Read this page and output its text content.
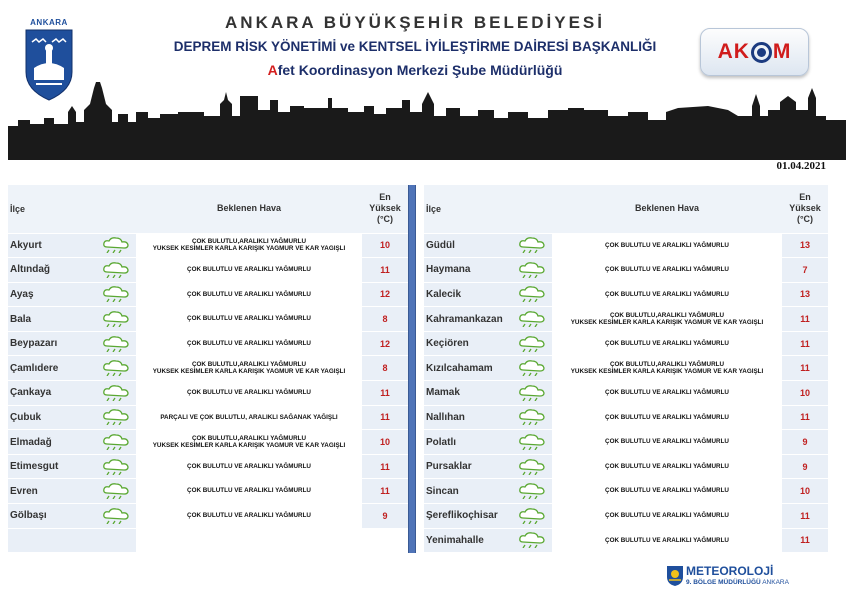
ANKARA	ANKARA BÜYÜKŞEHİR BELEDİYESİ
DEPREM RİSK YÖNETİMİ ve KENTSEL İYİLEŞTİRME DAİRESİ BAŞKANLIĞI
Afet Koordinasyon Merkezi Şube Müdürlüğü
AK M
01.04.2021
İlçe		Beklenen Hava	En
Yüksek
(°C)

Akyurt		ÇOK BULUTLU,ARALIKLI YAĞMURLU
YÜKSEK KESİMLER KARLA KARIŞIK YAĞMUR VE KAR YAĞIŞLI	10
Altındağ		ÇOK BULUTLU VE ARALIKLI YAĞMURLU	11
Ayaş		ÇOK BULUTLU VE ARALIKLI YAĞMURLU	12
Bala		ÇOK BULUTLU VE ARALIKLI YAĞMURLU	8
Beypazarı		ÇOK BULUTLU VE ARALIKLI YAĞMURLU	12
Çamlıdere		ÇOK BULUTLU,ARALIKLI YAĞMURLU
YÜKSEK KESİMLER KARLA KARIŞIK YAĞMUR VE KAR YAĞIŞLI	8
Çankaya		ÇOK BULUTLU VE ARALIKLI YAĞMURLU	11
Çubuk		PARÇALI VE ÇOK BULUTLU, ARALIKLI SAĞANAK YAĞIŞLI	11
Elmadağ		ÇOK BULUTLU,ARALIKLI YAĞMURLU
YÜKSEK KESİMLER KARLA KARIŞIK YAĞMUR VE KAR YAĞIŞLI	10
Etimesgut		ÇOK BULUTLU VE ARALIKLI YAĞMURLU	11
Evren		ÇOK BULUTLU VE ARALIKLI YAĞMURLU	11
Gölbaşı		ÇOK BULUTLU VE ARALIKLI YAĞMURLU	9

İlçe		Beklenen Hava	En
Yüksek
(°C)

Güdül		ÇOK BULUTLU VE ARALIKLI YAĞMURLU	13
Haymana		ÇOK BULUTLU VE ARALIKLI YAĞMURLU	7
Kalecik		ÇOK BULUTLU VE ARALIKLI YAĞMURLU	13
Kahramankazan		ÇOK BULUTLU,ARALIKLI YAĞMURLU
YÜKSEK KESİMLER KARLA KARIŞIK YAĞMUR VE KAR YAĞIŞLI	11
Keçiören		ÇOK BULUTLU VE ARALIKLI YAĞMURLU	11
Kızılcahamam		ÇOK BULUTLU,ARALIKLI YAĞMURLU
YÜKSEK KESİMLER KARLA KARIŞIK YAĞMUR VE KAR YAĞIŞLI	11
Mamak		ÇOK BULUTLU VE ARALIKLI YAĞMURLU	10
Nallıhan		ÇOK BULUTLU VE ARALIKLI YAĞMURLU	11
Polatlı		ÇOK BULUTLU VE ARALIKLI YAĞMURLU	9
Pursaklar		ÇOK BULUTLU VE ARALIKLI YAĞMURLU	9
Sincan		ÇOK BULUTLU VE ARALIKLI YAĞMURLU	10
Şereflikoçhisar		ÇOK BULUTLU VE ARALIKLI YAĞMURLU	11
Yenimahalle		ÇOK BULUTLU VE ARALIKLI YAĞMURLU	11
METEOROLOJİ
9. BÖLGE MÜDÜRLÜĞÜ ANKARA
